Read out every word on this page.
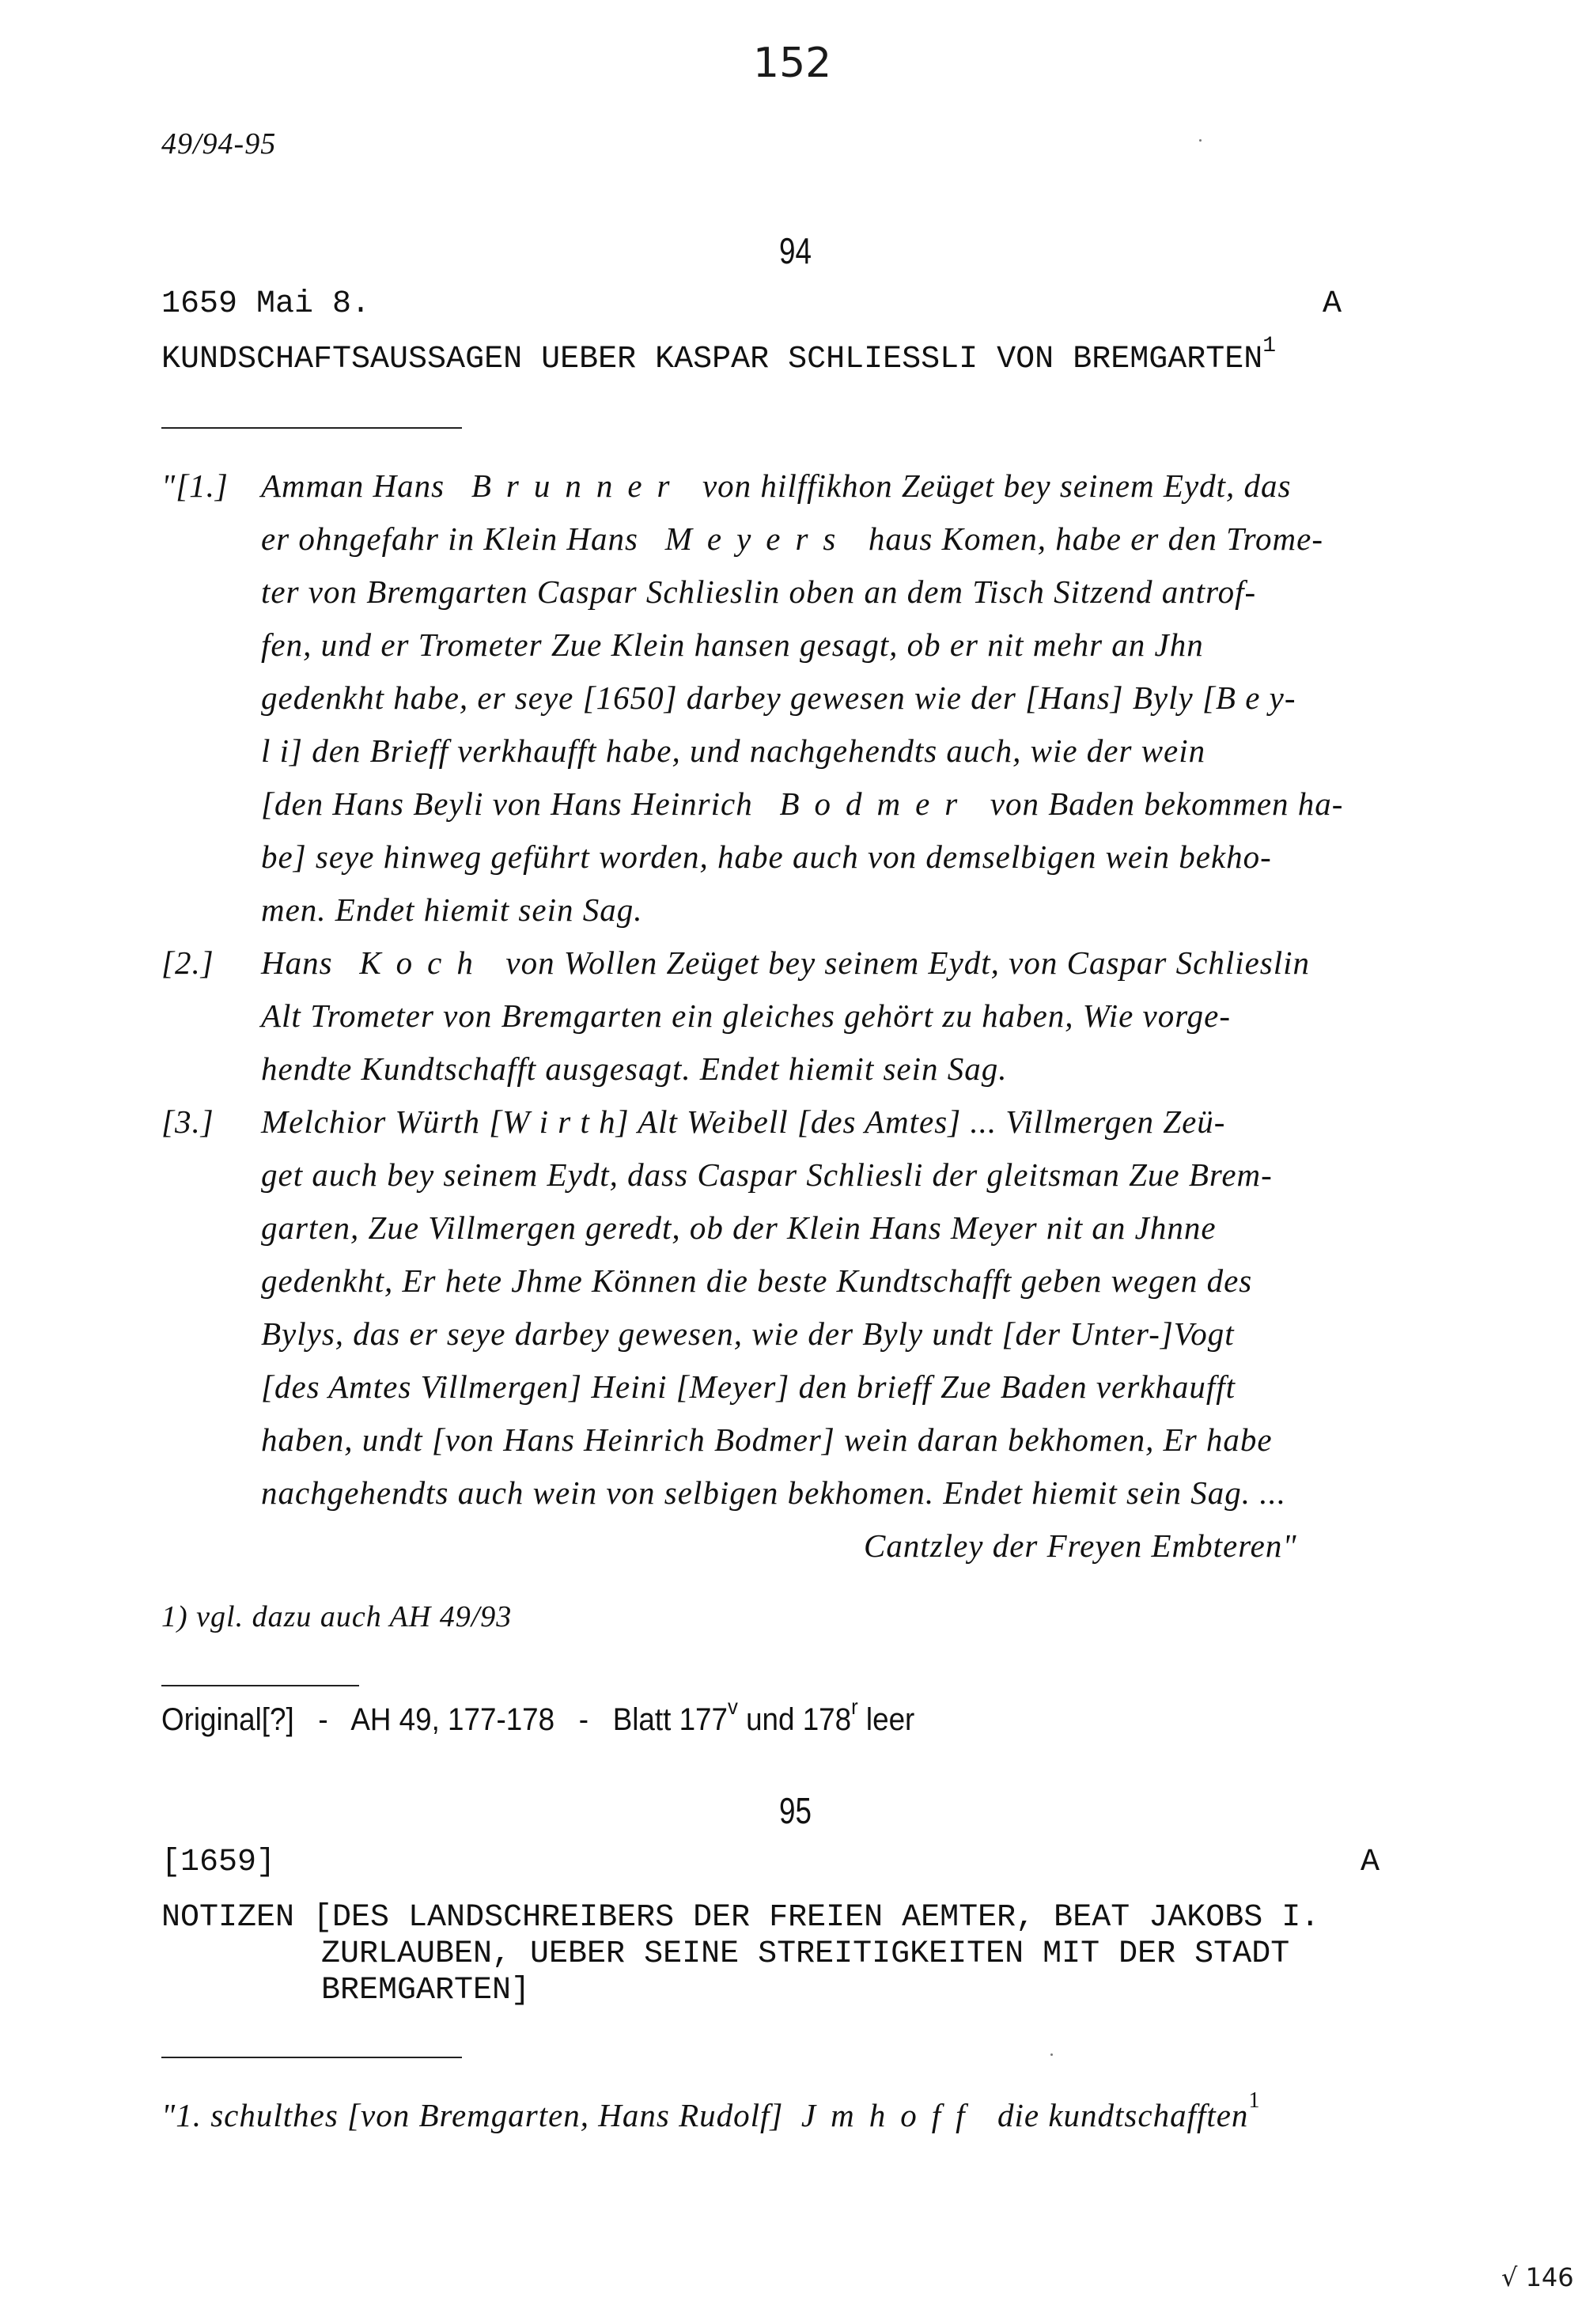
152
49/94-95
94
1659 Mai 8.	A
KUNDSCHAFTSAUSSAGEN UEBER KASPAR SCHLIESSLI VON BREMGARTEN$^1$
"[1.] Amman Hans Brunner von hilffikhon Zeüget bey seinem Eydt, das
er ohngefahr in Klein Hans Meyers haus Komen, habe er den Trome-
ter von Bremgarten Caspar Schlieslin oben an dem Tisch Sitzend antrof-
fen, und er Trometer Zue Klein hansen gesagt, ob er nit mehr an Jhn
gedenkht habe, er seye [1650] darbey gewesen wie der [Hans] Byly [B e y-
l i] den Brieff verkhaufft habe, und nachgehendts auch, wie der wein
[den Hans Beyli von Hans Heinrich Bodmer von Baden bekommen ha-
be] seye hinweg geführt worden, habe auch von demselbigen wein bekho-
men. Endet hiemit sein Sag.
[2.] Hans Koch von Wollen Zeüget bey seinem Eydt, von Caspar Schlieslin
Alt Trometer von Bremgarten ein gleiches gehört zu haben, Wie vorge-
hendte Kundtschafft ausgesagt. Endet hiemit sein Sag.
[3.] Melchior Würth [W i r t h] Alt Weibell [des Amtes] ... Villmergen Zeü-
get auch bey seinem Eydt, dass Caspar Schliesli der gleitsman Zue Brem-
garten, Zue Villmergen geredt, ob der Klein Hans Meyer nit an Jhnne
gedenkht, Er hete Jhme Können die beste Kundtschafft geben wegen des
Bylys, das er seye darbey gewesen, wie der Byly undt [der Unter-]Vogt
[des Amtes Villmergen] Heini [Meyer] den brieff Zue Baden verkhaufft
haben, undt [von Hans Heinrich Bodmer] wein daran bekhomen, Er habe
nachgehendts auch wein von selbigen bekhomen. Endet hiemit sein Sag. ...
Cantzley der Freyen Embteren"
1) vgl. dazu auch AH 49/93
Original[?] - AH 49, 177-178 - Blatt 177$^v$ und 178$^r$ leer
95
[1659]	A
NOTIZEN [DES LANDSCHREIBERS DER FREIEN AEMTER, BEAT JAKOBS I.
ZURLAUBEN, UEBER SEINE STREITIGKEITEN MIT DER STADT
BREMGARTEN]
"1. schulthes [von Bremgarten, Hans Rudolf] Jmhoff die kundtschafften$^1$
√ 146
